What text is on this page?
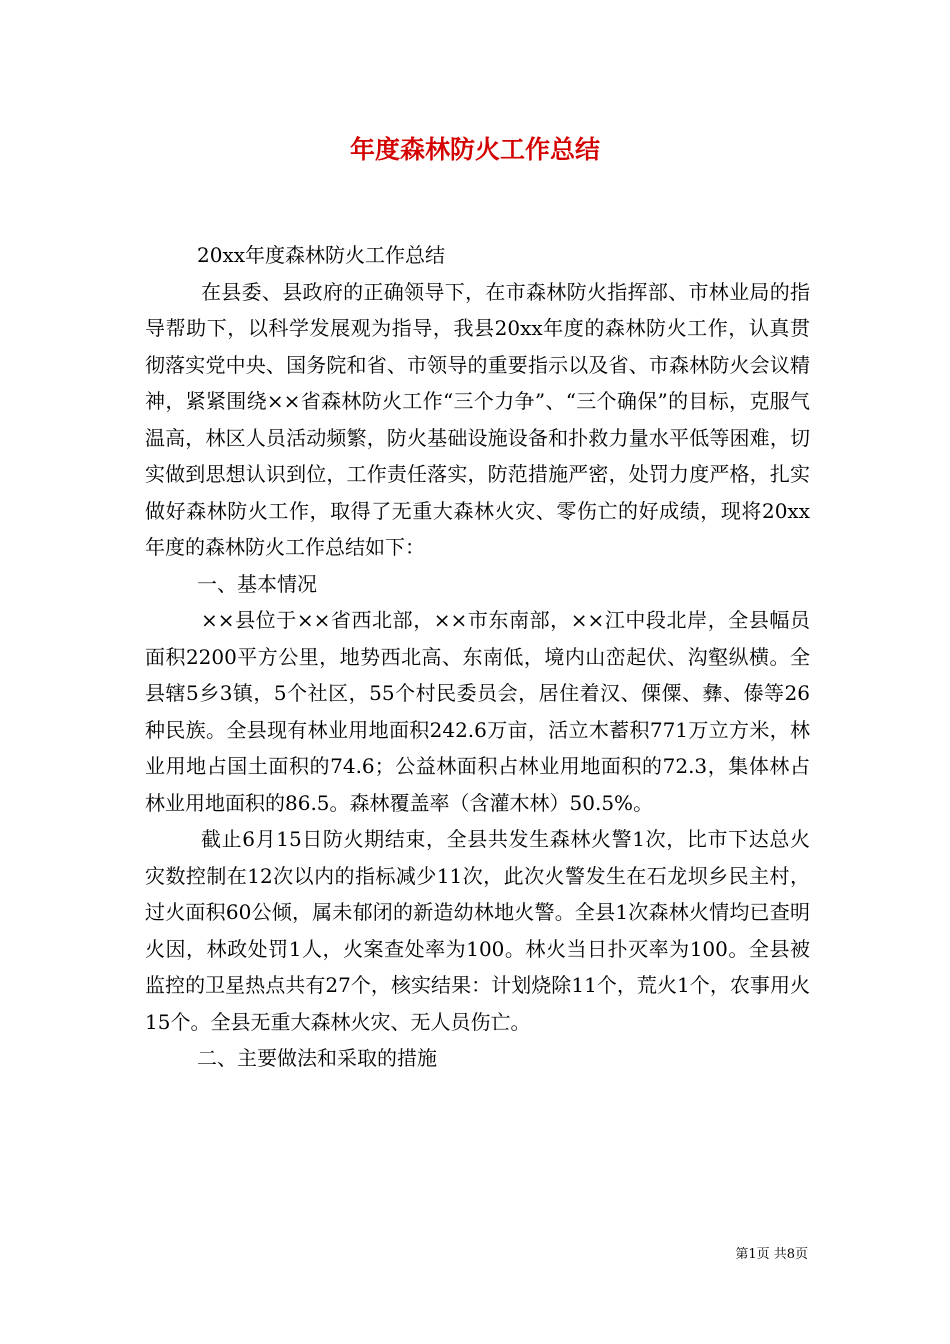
年度森林防火工作总结

20xx年度森林防火工作总结

在县委、县政府的正确领导下，在市森林防火指挥部、市林业局的指导帮助下，以科学发展观为指导，我县20xx年度的森林防火工作，认真贯彻落实党中央、国务院和省、市领导的重要指示以及省、市森林防火会议精神，紧紧围绕××省森林防火工作“三个力争”、“三个确保”的目标，克服气温高，林区人员活动频繁，防火基础设施设备和扑救力量水平低等困难，切实做到思想认识到位，工作责任落实，防范措施严密，处罚力度严格，扎实做好森林防火工作，取得了无重大森林火灾、零伤亡的好成绩，现将20xx年度的森林防火工作总结如下：

一、基本情况

××县位于××省西北部，××市东南部，××江中段北岸，全县幅员面积2200平方公里，地势西北高、东南低，境内山峦起伏、沟壑纵横。全县辖5乡3镇，5个社区，55个村民委员会，居住着汉、傈僳、彝、傣等26种民族。全县现有林业用地面积242.6万亩，活立木蓄积771万立方米，林业用地占国土面积的74.6；公益林面积占林业用地面积的72.3，集体林占林业用地面积的86.5。森林覆盖率（含灌木林）50.5%。

截止6月15日防火期结束，全县共发生森林火警1次，比市下达总火灾数控制在12次以内的指标减少11次，此次火警发生在石龙坝乡民主村，过火面积60公倾，属未郁闭的新造幼林地火警。全县1次森林火情均已查明火因，林政处罚1人，火案查处率为100。林火当日扑灭率为100。全县被监控的卫星热点共有27个，核实结果：计划烧除11个，荒火1个，农事用火15个。全县无重大森林火灾、无人员伤亡。

二、主要做法和采取的措施

第1页 共8页
